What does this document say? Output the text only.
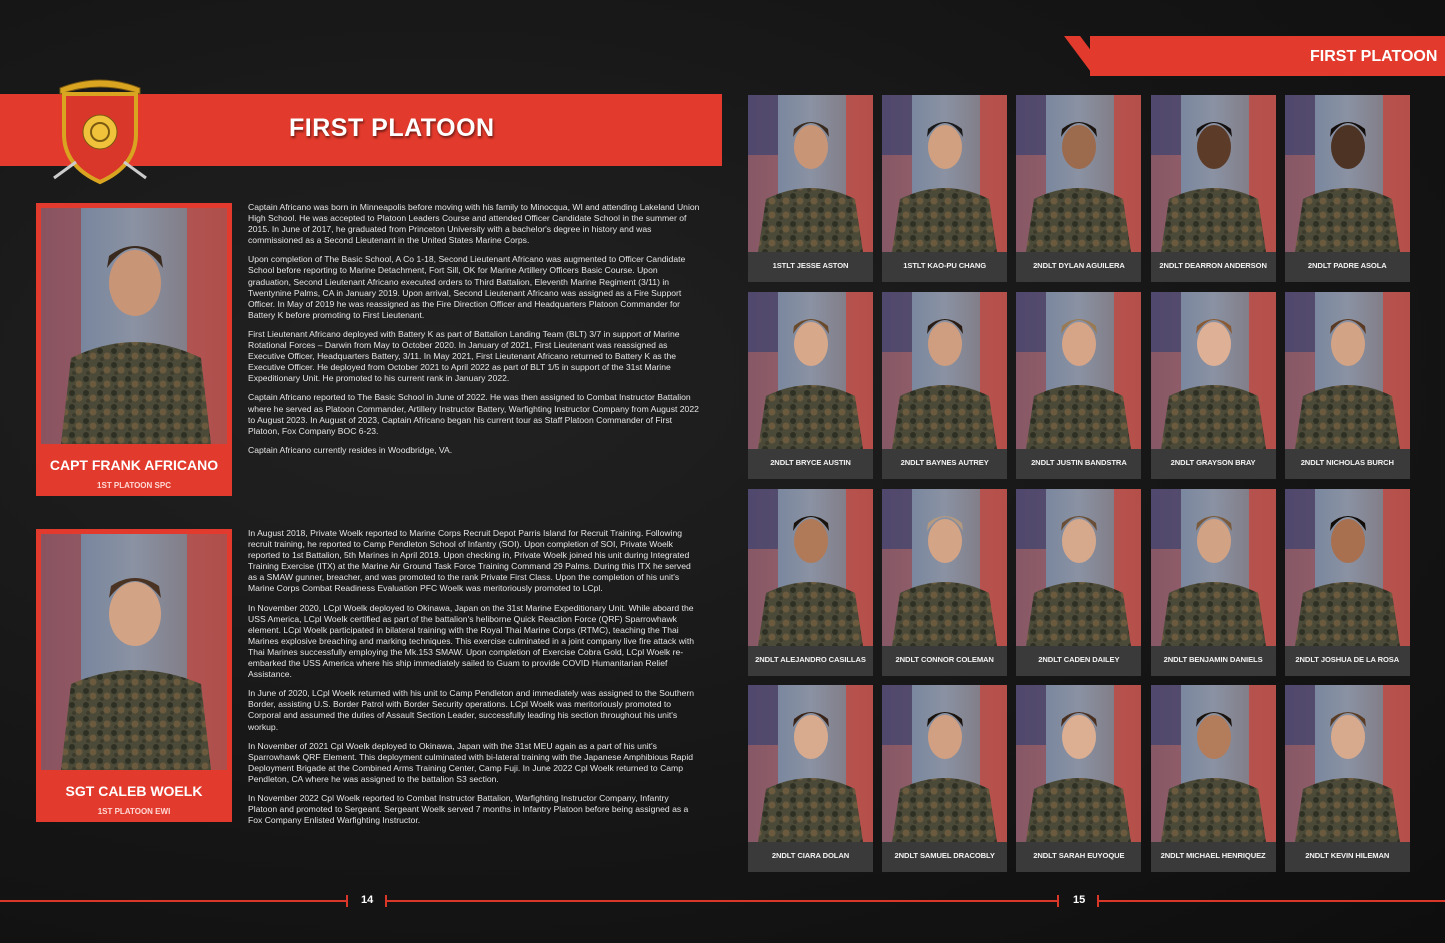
FIRST PLATOON
FIRST PLATOON
CAPT FRANK AFRICANO
1ST PLATOON SPC

Captain Africano was born in Minneapolis before moving with his family to Minocqua, WI and attending Lakeland Union High School. He was accepted to Platoon Leaders Course and attended Officer Candidate School in the summer of 2015. In June of 2017, he graduated from Princeton University with a bachelor's degree in history and was commissioned as a Second Lieutenant in the United States Marine Corps.

Upon completion of The Basic School, A Co 1-18, Second Lieutenant Africano was augmented to Officer Candidate School before reporting to Marine Detachment, Fort Sill, OK for Marine Artillery Officers Basic Course. Upon graduation, Second Lieutenant Africano executed orders to Third Battalion, Eleventh Marine Regiment (3/11) in Twentynine Palms, CA in January 2019. Upon arrival, Second Lieutenant Africano was assigned as a Fire Support Officer. In May of 2019 he was reassigned as the Fire Direction Officer and Headquarters Platoon Commander for Battery K before promoting to First Lieutenant.

First Lieutenant Africano deployed with Battery K as part of Battalion Landing Team (BLT) 3/7 in support of Marine Rotational Forces – Darwin from May to October 2020. In January of 2021, First Lieutenant was reassigned as Executive Officer, Headquarters Battery, 3/11. In May 2021, First Lieutenant Africano returned to Battery K as the Executive Officer. He deployed from October 2021 to April 2022 as part of BLT 1/5 in support of the 31st Marine Expeditionary Unit. He promoted to his current rank in January 2022.

Captain Africano reported to The Basic School in June of 2022. He was then assigned to Combat Instructor Battalion where he served as Platoon Commander, Artillery Instructor Battery, Warfighting Instructor Company from August 2022 to August 2023. In August of 2023, Captain Africano began his current tour as Staff Platoon Commander of First Platoon, Fox Company BOC 6-23.

Captain Africano currently resides in Woodbridge, VA.

SGT CALEB WOELK
1ST PLATOON EWI

In August 2018, Private Woelk reported to Marine Corps Recruit Depot Parris Island for Recruit Training. Following recruit training, he reported to Camp Pendleton School of Infantry (SOI). Upon completion of SOI, Private Woelk reported to 1st Battalion, 5th Marines in April 2019. Upon checking in, Private Woelk joined his unit during Integrated Training Exercise (ITX) at the Marine Air Ground Task Force Training Command 29 Palms. During this ITX he served as a SMAW gunner, breacher, and was promoted to the rank Private First Class. Upon the completion of his unit's Marine Corps Combat Readiness Evaluation PFC Woelk was meritoriously promoted to LCpl.

In November 2020, LCpl Woelk deployed to Okinawa, Japan on the 31st Marine Expeditionary Unit. While aboard the USS America, LCpl Woelk certified as part of the battalion's heliborne Quick Reaction Force (QRF) Sparrowhawk element. LCpl Woelk participated in bilateral training with the Royal Thai Marine Corps (RTMC), teaching the Thai Marines explosive breaching and marking techniques. This exercise culminated in a joint company live fire attack with Thai Marines successfully employing the Mk.153 SMAW. Upon completion of Exercise Cobra Gold, LCpl Woelk re-embarked the USS America where his ship immediately sailed to Guam to provide COVID Humanitarian Relief Assistance.

In June of 2020, LCpl Woelk returned with his unit to Camp Pendleton and immediately was assigned to the Southern Border, assisting U.S. Border Patrol with Border Security operations. LCpl Woelk was meritoriously promoted to Corporal and assumed the duties of Assault Section Leader, successfully leading his section throughout his unit's workup.

In November of 2021 Cpl Woelk deployed to Okinawa, Japan with the 31st MEU again as a part of his unit's Sparrowhawk QRF Element. This deployment culminated with bi-lateral training with the Japanese Amphibious Rapid Deployment Brigade at the Combined Arms Training Center, Camp Fuji. In June 2022 Cpl Woelk returned to Camp Pendleton, CA where he was assigned to the battalion S3 section.

In November 2022 Cpl Woelk reported to Combat Instructor Battalion, Warfighting Instructor Company, Infantry Platoon and promoted to Sergeant. Sergeant Woelk served 7 months in Infantry Platoon before being assigned as a Fox Company Enlisted Warfighting Instructor.

1STLT JESSE ASTON	1STLT KAO-PU CHANG	2NDLT DYLAN AGUILERA	2NDLT DEARRON ANDERSON	2NDLT PADRE ASOLA
2NDLT BRYCE AUSTIN	2NDLT BAYNES AUTREY	2NDLT JUSTIN BANDSTRA	2NDLT GRAYSON BRAY	2NDLT NICHOLAS BURCH
2NDLT ALEJANDRO CASILLAS	2NDLT CONNOR COLEMAN	2NDLT CADEN DAILEY	2NDLT BENJAMIN DANIELS	2NDLT JOSHUA DE LA ROSA
2NDLT CIARA DOLAN	2NDLT SAMUEL DRACOBLY	2NDLT SARAH EUYOQUE	2NDLT MICHAEL HENRIQUEZ	2NDLT KEVIN HILEMAN
14	15
